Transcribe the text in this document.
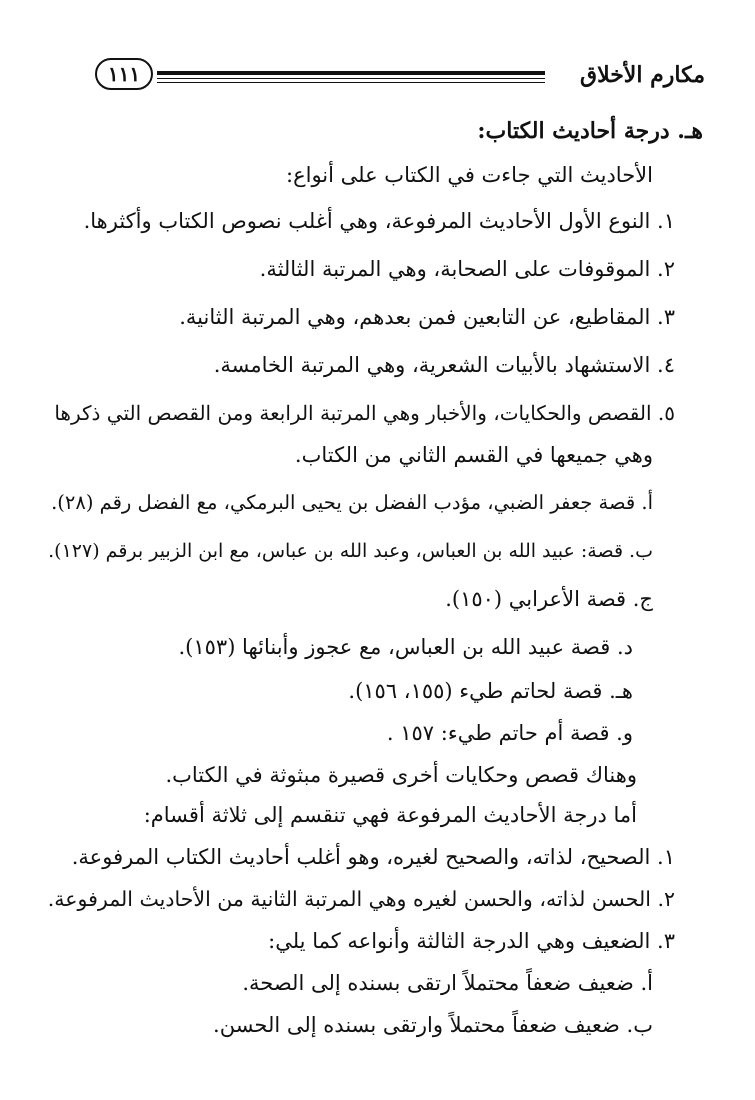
مكارم الأخلاق
١١١
هـ. درجة أحاديث الكتاب:
الأحاديث التي جاءت في الكتاب على أنواع:
١. النوع الأول الأحاديث المرفوعة، وهي أغلب نصوص الكتاب وأكثرها.
٢. الموقوفات على الصحابة، وهي المرتبة الثالثة.
٣. المقاطيع، عن التابعين فمن بعدهم، وهي المرتبة الثانية.
٤. الاستشهاد بالأبيات الشعرية، وهي المرتبة الخامسة.
٥. القصص والحكايات، والأخبار وهي المرتبة الرابعة ومن القصص التي ذكرها
وهي جميعها في القسم الثاني من الكتاب.
أ. قصة جعفر الضبي، مؤدب الفضل بن يحيى البرمكي، مع الفضل رقم (٢٨).
ب. قصة: عبيد الله بن العباس، وعبد الله بن عباس، مع ابن الزبير برقم (١٢٧).
ج. قصة الأعرابي (١٥٠).
د. قصة عبيد الله بن العباس، مع عجوز وأبنائها (١٥٣).
هـ. قصة لحاتم طيء (١٥٥، ١٥٦).
و. قصة أم حاتم طيء: ١٥٧ .
وهناك قصص وحكايات أخرى قصيرة مبثوثة في الكتاب.
أما درجة الأحاديث المرفوعة فهي تنقسم إلى ثلاثة أقسام:
١. الصحيح، لذاته، والصحيح لغيره، وهو أغلب أحاديث الكتاب المرفوعة.
٢. الحسن لذاته، والحسن لغيره وهي المرتبة الثانية من الأحاديث المرفوعة.
٣. الضعيف وهي الدرجة الثالثة وأنواعه كما يلي:
أ. ضعيف ضعفاً محتملاً ارتقى بسنده إلى الصحة.
ب. ضعيف ضعفاً محتملاً وارتقى بسنده إلى الحسن.
